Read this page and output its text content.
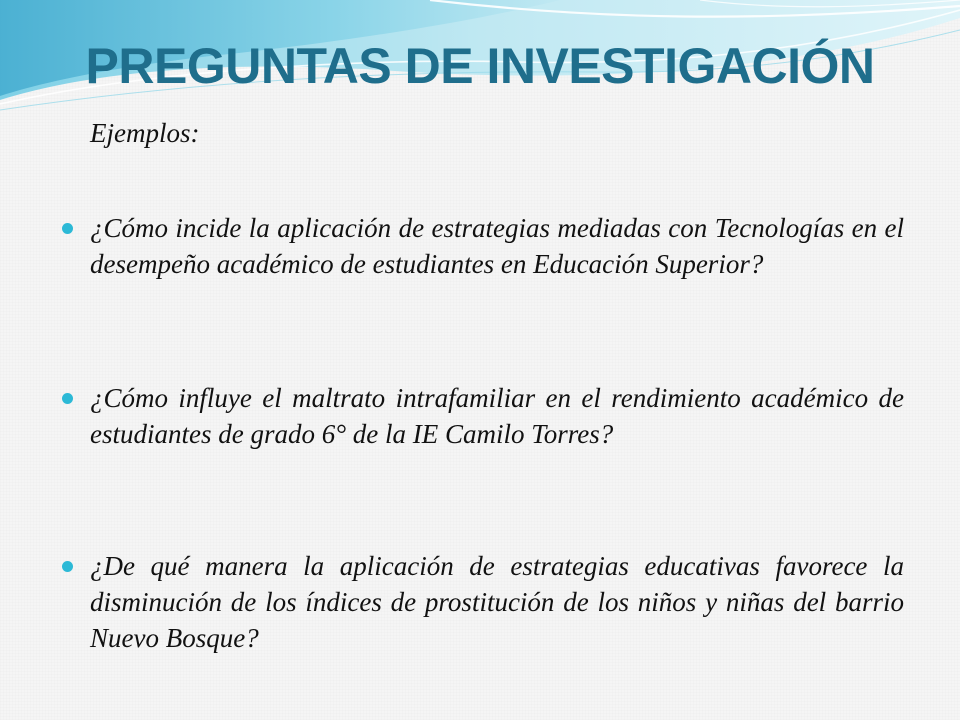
PREGUNTAS DE INVESTIGACIÓN

Ejemplos:

¿Cómo incide la aplicación de estrategias mediadas con Tecnologías en el desempeño académico de estudiantes en Educación Superior?

¿Cómo influye el maltrato intrafamiliar en el rendimiento académico de estudiantes de grado 6° de la IE Camilo Torres?

¿De qué manera la aplicación de estrategias educativas favorece la disminución de los índices de prostitución de los niños y niñas del barrio Nuevo Bosque?
